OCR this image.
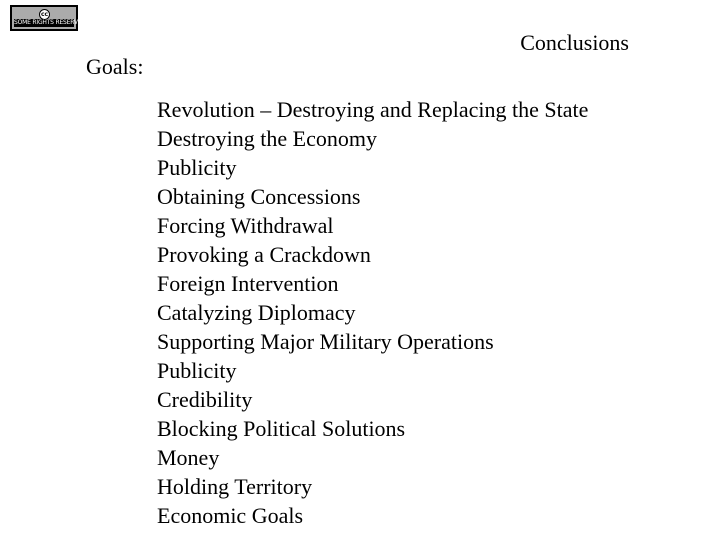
cc
SOME RIGHTS RESERVED
Conclusions
Goals:
Revolution – Destroying and Replacing the State
Destroying the Economy
Publicity
Obtaining Concessions
Forcing Withdrawal
Provoking a Crackdown
Foreign Intervention
Catalyzing Diplomacy
Supporting Major Military Operations
Publicity
Credibility
Blocking Political Solutions
Money
Holding Territory
Economic Goals
